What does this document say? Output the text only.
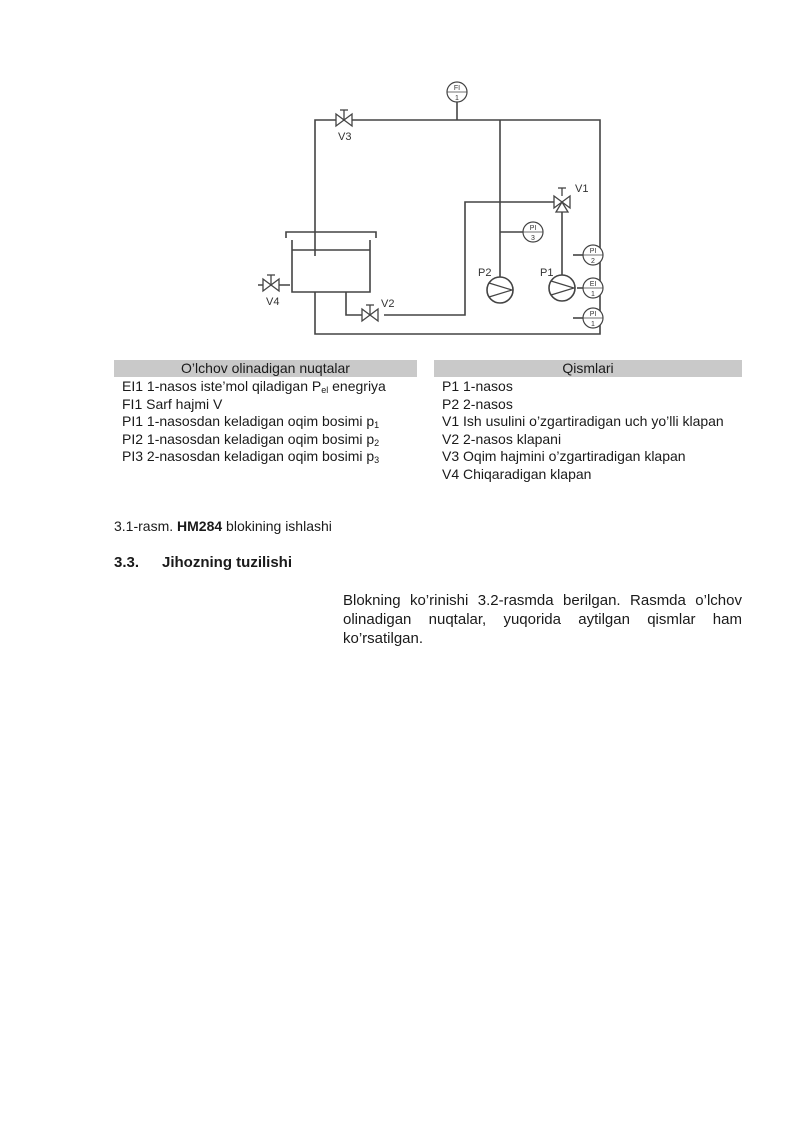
FI
1
PI
3
PI
2
EI
1
PI
1
V3
V1
V4	V2
P2	P1
O’lchov olinadigan nuqtalar
EI1 1-nasos iste’mol qiladigan $P_{el}$ enegriya
FI1 Sarf hajmi V
PI1 1-nasosdan keladigan oqim bosimi $p_1$
PI2 1-nasosdan keladigan oqim bosimi $p_2$
PI3 2-nasosdan keladigan oqim bosimi $p_3$
Qismlari
P1 1-nasos
P2 2-nasos
V1 Ish usulini o’zgartiradigan uch yo’lli klapan
V2 2-nasos klapani
V3 Oqim hajmini o’zgartiradigan klapan
V4 Chiqaradigan klapan
3.1-rasm. HM284 blokining ishlashi
3.3. Jihozning tuzilishi
Blokning ko’rinishi 3.2-rasmda berilgan. Rasmda o’lchov olinadigan nuqtalar, yuqorida aytilgan qismlar ham ko’rsatilgan.
